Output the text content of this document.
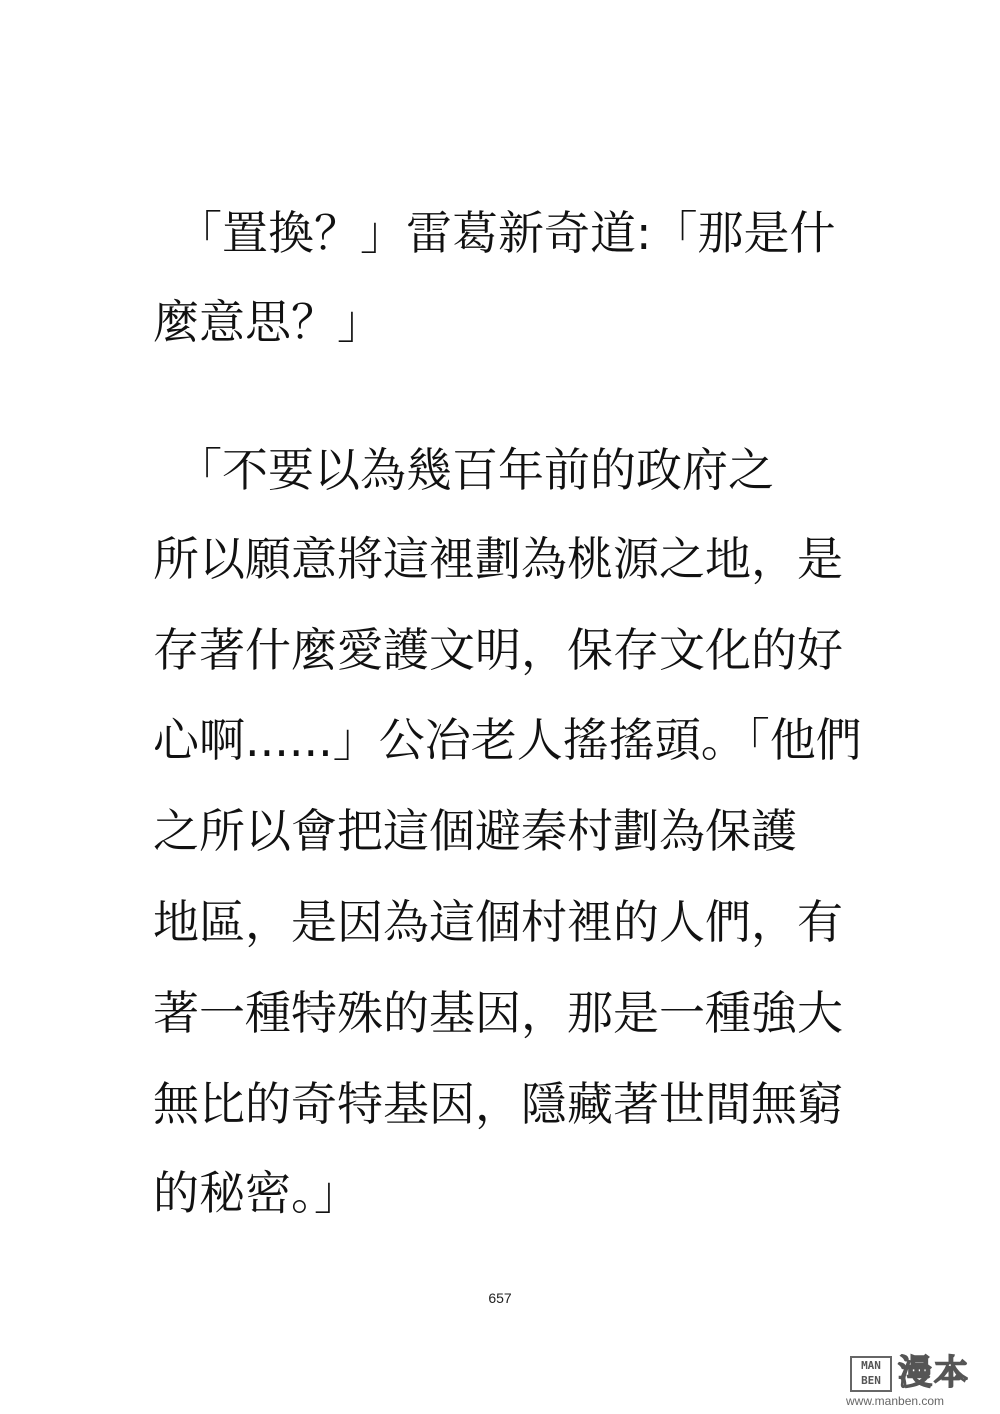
　「置換？」雷葛新奇道:「那是什
麼意思？」
　「不要以為幾百年前的政府之
所以願意將這裡劃為桃源之地，是
存著什麼愛護文明，保存文化的好
心啊......」公冶老人搖搖頭。「他們
之所以會把這個避秦村劃為保護
地區，是因為這個村裡的人們，有
著一種特殊的基因，那是一種強大
無比的奇特基因，隱藏著世間無窮
的秘密。」
657
MAN
BEN 漫本
www.manben.com
